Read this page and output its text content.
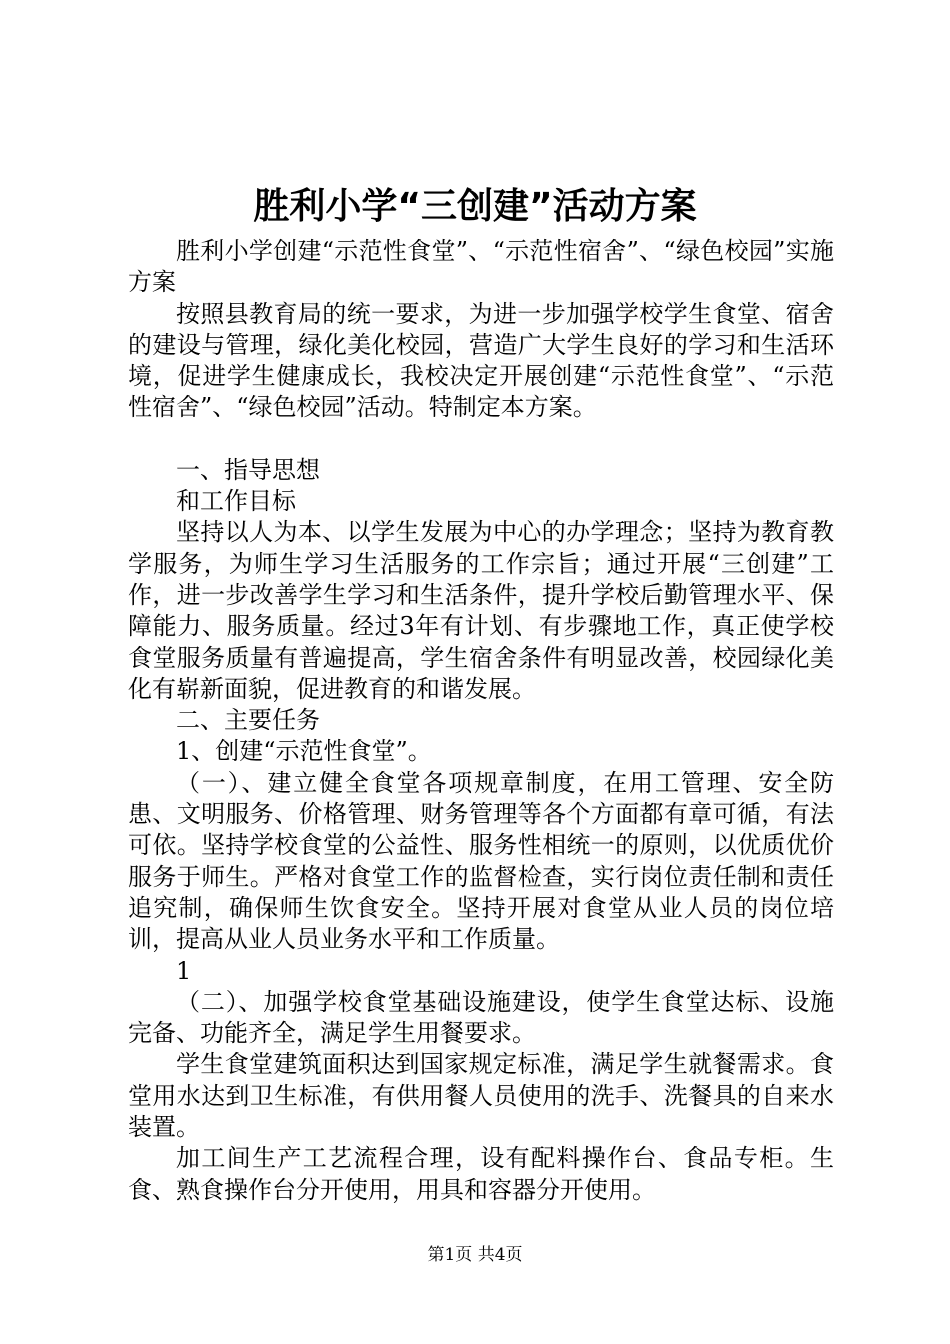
胜利小学“三创建”活动方案

胜利小学创建“示范性食堂”、“示范性宿舍”、“绿色校园”实施方案

按照县教育局的统一要求，为进一步加强学校学生食堂、宿舍的建设与管理，绿化美化校园，营造广大学生良好的学习和生活环境，促进学生健康成长，我校决定开展创建“示范性食堂”、“示范性宿舍”、“绿色校园”活动。特制定本方案。

一、指导思想

和工作目标

坚持以人为本、以学生发展为中心的办学理念；坚持为教育教学服务，为师生学习生活服务的工作宗旨；通过开展“三创建”工作，进一步改善学生学习和生活条件，提升学校后勤管理水平、保障能力、服务质量。经过3年有计划、有步骤地工作，真正使学校食堂服务质量有普遍提高，学生宿舍条件有明显改善，校园绿化美化有崭新面貌，促进教育的和谐发展。

二、主要任务

1、创建“示范性食堂”。

（一）、建立健全食堂各项规章制度，在用工管理、安全防患、文明服务、价格管理、财务管理等各个方面都有章可循，有法可依。坚持学校食堂的公益性、服务性相统一的原则，以优质优价服务于师生。严格对食堂工作的监督检查，实行岗位责任制和责任追究制，确保师生饮食安全。坚持开展对食堂从业人员的岗位培训，提高从业人员业务水平和工作质量。

1

（二）、加强学校食堂基础设施建设，使学生食堂达标、设施完备、功能齐全，满足学生用餐要求。

学生食堂建筑面积达到国家规定标准，满足学生就餐需求。食堂用水达到卫生标准，有供用餐人员使用的洗手、洗餐具的自来水装置。

加工间生产工艺流程合理，设有配料操作台、食品专柜。生食、熟食操作台分开使用，用具和容器分开使用。

第1页 共4页
